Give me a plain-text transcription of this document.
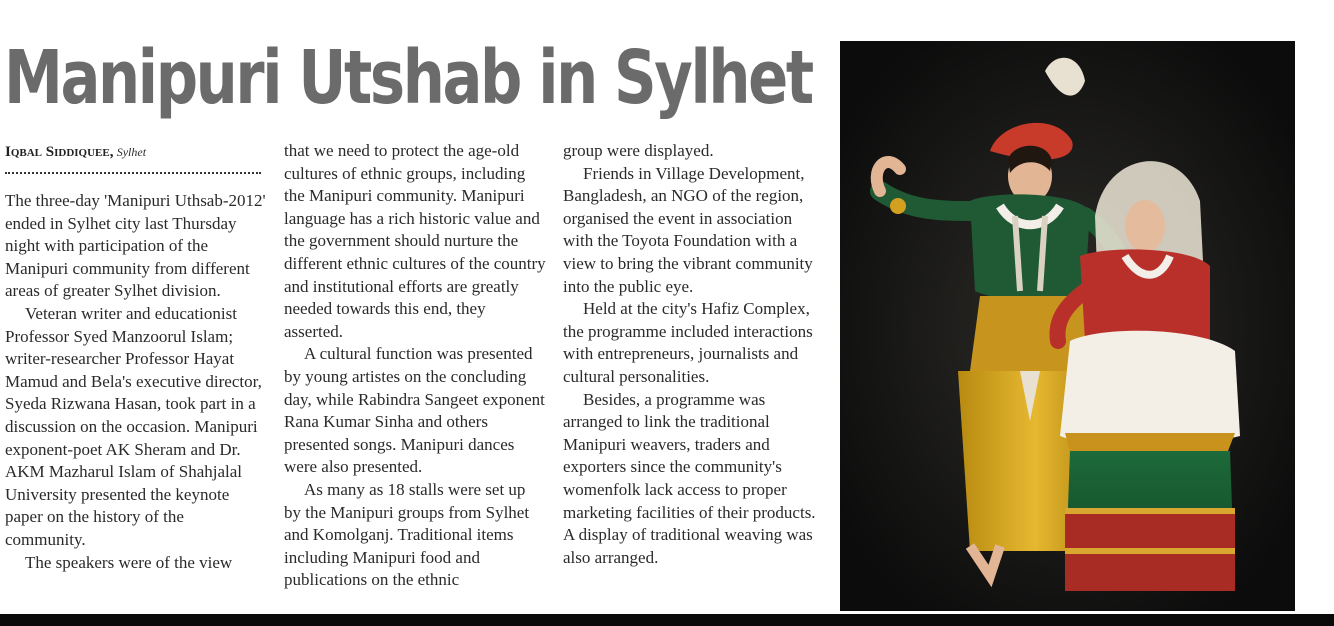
Manipuri Utshab in Sylhet
Iqbal Siddiquee, Sylhet

The three-day 'Manipuri Uthsab-2012' ended in Sylhet city last Thursday night with participation of the Manipuri community from different areas of greater Sylhet division.

Veteran writer and educationist Professor Syed Manzoorul Islam; writer-researcher Professor Hayat Mamud and Bela's executive director, Syeda Rizwana Hasan, took part in a discussion on the occasion. Manipuri exponent-poet AK Sheram and Dr. AKM Mazharul Islam of Shahjalal University presented the keynote paper on the history of the community.

The speakers were of the view

that we need to protect the age-old cultures of ethnic groups, including the Manipuri community. Manipuri language has a rich historic value and the government should nurture the different ethnic cultures of the country and institutional efforts are greatly needed towards this end, they asserted.

A cultural function was presented by young artistes on the concluding day, while Rabindra Sangeet exponent Rana Kumar Sinha and others presented songs. Manipuri dances were also presented.

As many as 18 stalls were set up by the Manipuri groups from Sylhet and Komolganj. Traditional items including Manipuri food and publications on the ethnic

group were displayed.

Friends in Village Development, Bangladesh, an NGO of the region, organised the event in association with the Toyota Foundation with a view to bring the vibrant community into the public eye.

Held at the city's Hafiz Complex, the programme included interactions with entrepreneurs, journalists and cultural personalities.

Besides, a programme was arranged to link the traditional Manipuri weavers, traders and exporters since the community's womenfolk lack access to proper marketing facilities of their products. A display of traditional weaving was also arranged.
